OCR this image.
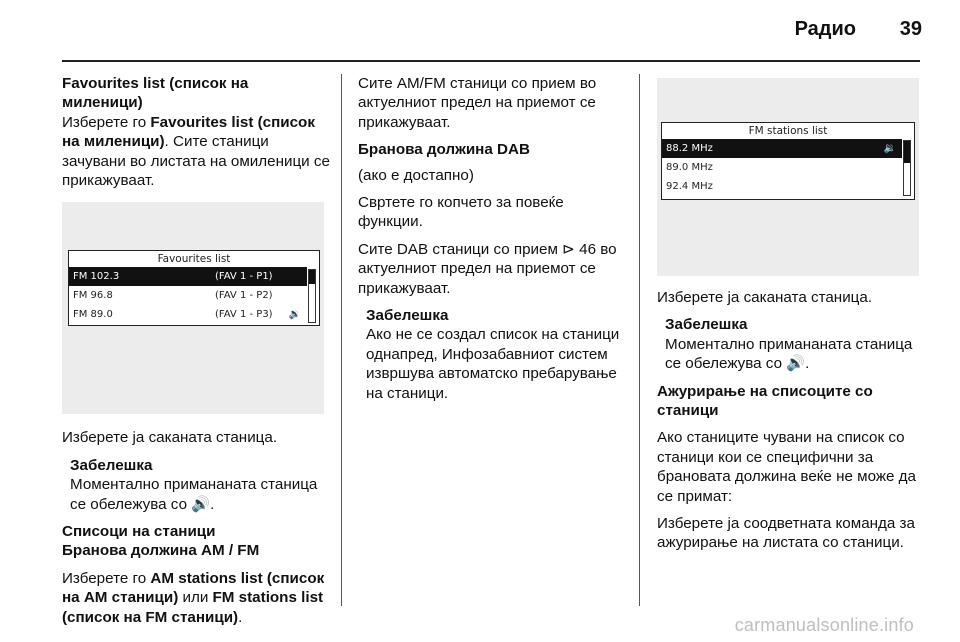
Радио 39

Favourites list (список на миленици)

Изберете го Favourites list (список на миленици). Сите станици зачувани во листата на омиленици се прикажуваат.

Favourites list
FM 102.3	(FAV 1 - P1)
FM 96.8	(FAV 1 - P2)
FM 89.0	(FAV 1 - P3) 🔉

Изберете ја саканата станица.

Забелешка
Моментално примананата станица се обележува со 🔊.

Списоци на станици

Бранова должина AM / FM

Изберете го AM stations list (список на AM станици) или FM stations list (список на FM станици).

Сите AM/FM станици со прием во актуелниот предел на приемот се прикажуваат.

Бранова должина DAB

(ако е достапно)

Свртете го копчето за повеќе функции.

Сите DAB станици со прием ⊳ 46 во актуелниот предел на приемот се прикажуваат.

Забелешка
Ако не се создал список на станици однапред, Инфозабавниот систем извршува автоматско пребарување на станици.
FM stations list
88.2 MHz	🔉
89.0 MHz
92.4 MHz

Изберете ја саканата станица.

Забелешка
Моментално примананата станица се обележува со 🔊.

Ажурирање на списоците со станици

Ако станиците чувани на список со станици кои се специфични за брановата должина веќе не може да се примат:

Изберете ја соодветната команда за ажурирање на листата со станици.

carmanualsonline.info
